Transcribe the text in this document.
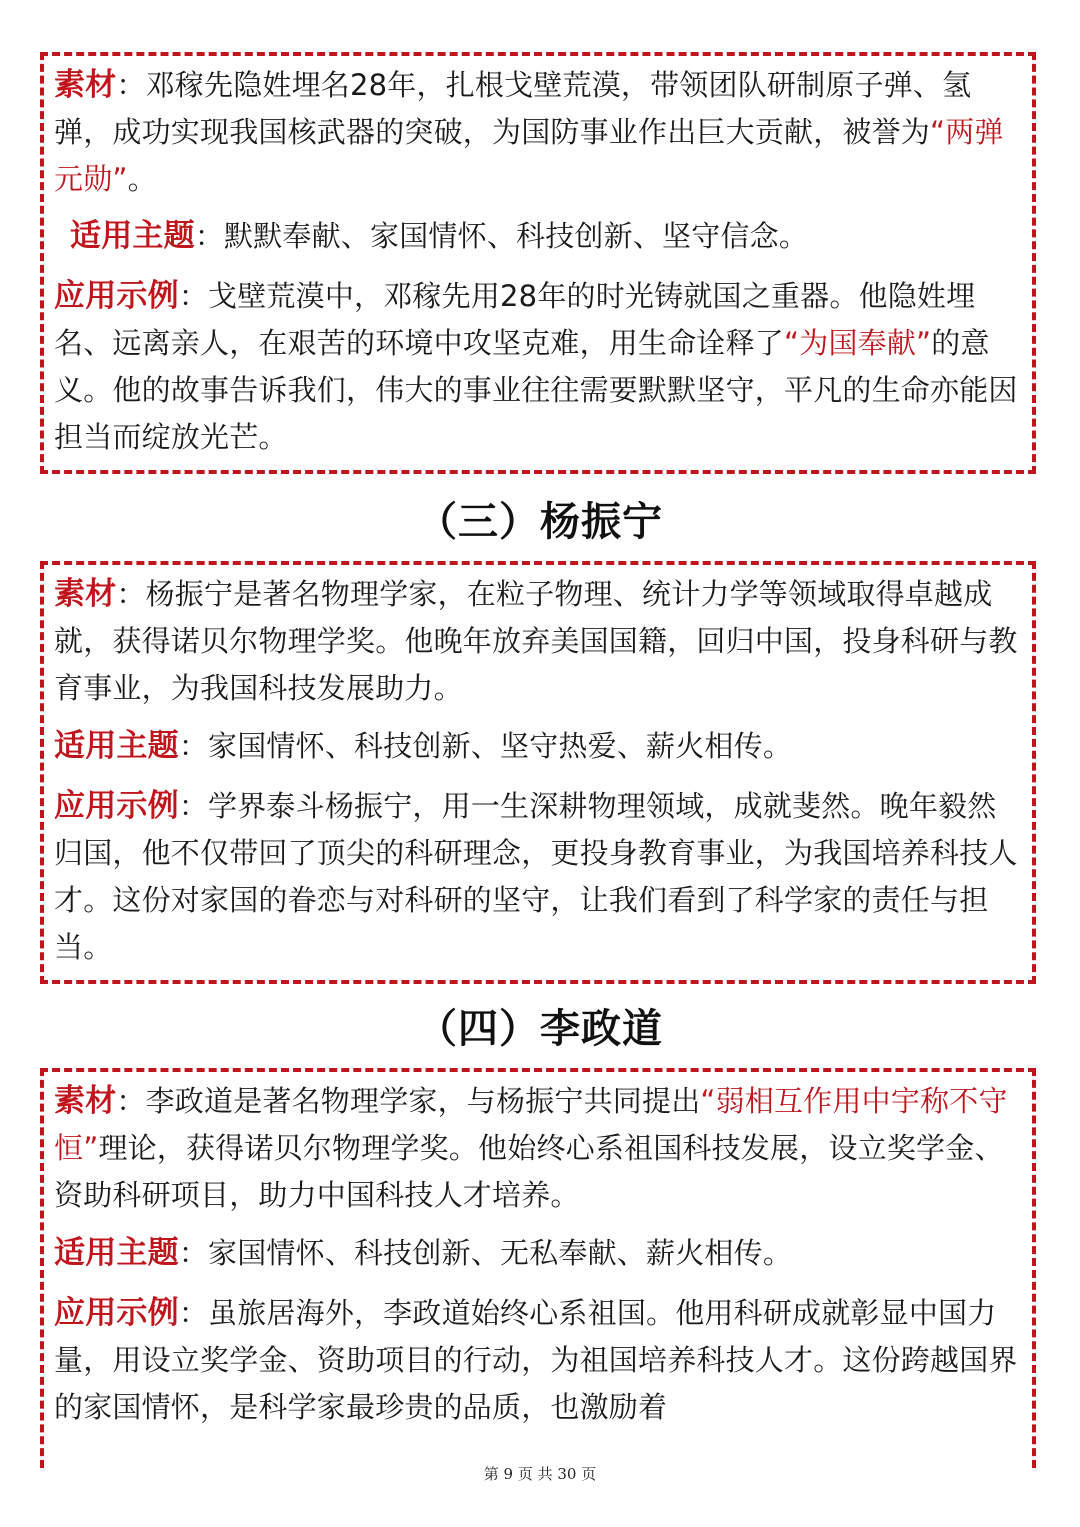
素材：邓稼先隐姓埋名28年，扎根戈壁荒漠，带领团队研制原子弹、氢弹，成功实现我国核武器的突破，为国防事业作出巨大贡献，被誉为“两弹元勋”。

适用主题：默默奉献、家国情怀、科技创新、坚守信念。

应用示例：戈壁荒漠中，邓稼先用28年的时光铸就国之重器。他隐姓埋名、远离亲人，在艰苦的环境中攻坚克难，用生命诠释了“为国奉献”的意义。他的故事告诉我们，伟大的事业往往需要默默坚守，平凡的生命亦能因担当而绽放光芒。

（三）杨振宁

素材：杨振宁是著名物理学家，在粒子物理、统计力学等领域取得卓越成就，获得诺贝尔物理学奖。他晚年放弃美国国籍，回归中国，投身科研与教育事业，为我国科技发展助力。

适用主题：家国情怀、科技创新、坚守热爱、薪火相传。

应用示例：学界泰斗杨振宁，用一生深耕物理领域，成就斐然。晚年毅然归国，他不仅带回了顶尖的科研理念，更投身教育事业，为我国培养科技人才。这份对家国的眷恋与对科研的坚守，让我们看到了科学家的责任与担当。

（四）李政道

素材：李政道是著名物理学家，与杨振宁共同提出“弱相互作用中宇称不守恒”理论，获得诺贝尔物理学奖。他始终心系祖国科技发展，设立奖学金、资助科研项目，助力中国科技人才培养。

适用主题：家国情怀、科技创新、无私奉献、薪火相传。

应用示例：虽旅居海外，李政道始终心系祖国。他用科研成就彰显中国力量，用设立奖学金、资助项目的行动，为祖国培养科技人才。这份跨越国界的家国情怀，是科学家最珍贵的品质，也激励着

第 9 页 共 30 页
